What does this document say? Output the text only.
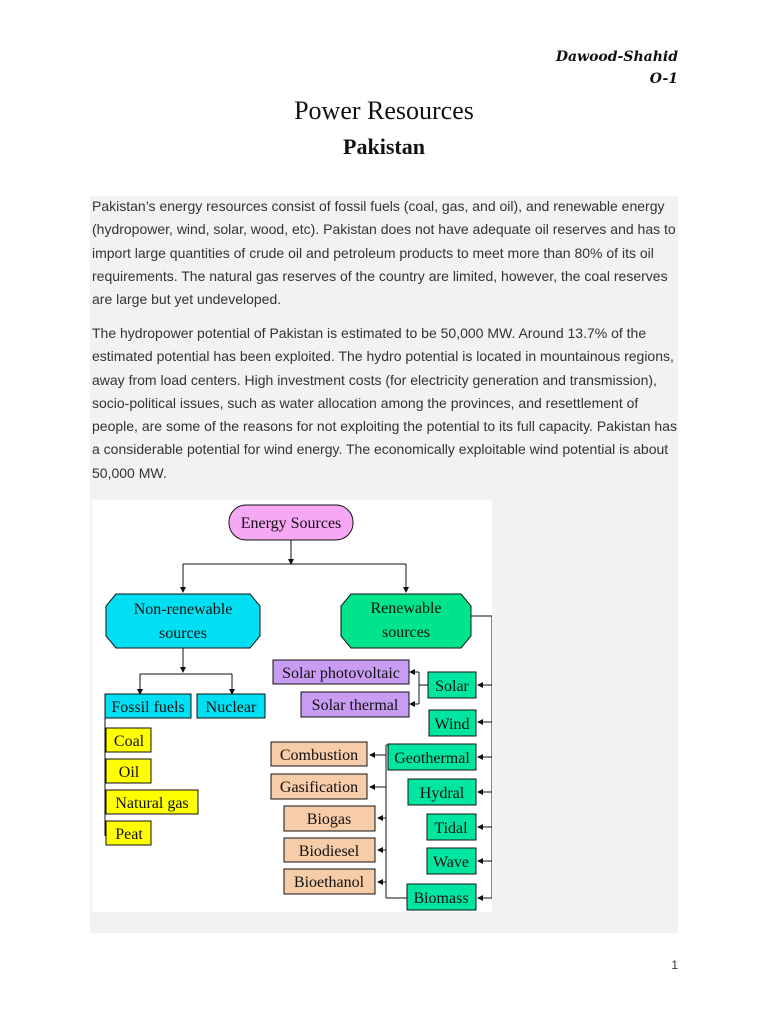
Dawood-Shahid
O-1
Power Resources
Pakistan

Pakistan’s energy resources consist of fossil fuels (coal, gas, and oil), and renewable energy (hydropower, wind, solar, wood, etc). Pakistan does not have adequate oil reserves and has to import large quantities of crude oil and petroleum products to meet more than 80% of its oil requirements. The natural gas reserves of the country are limited, however, the coal reserves are large but yet undeveloped.

The hydropower potential of Pakistan is estimated to be 50,000 MW. Around 13.7% of the estimated potential has been exploited. The hydro potential is located in mountainous regions, away from load centers. High investment costs (for electricity generation and transmission), socio-political issues, such as water allocation among the provinces, and resettlement of people, are some of the reasons for not exploiting the potential to its full capacity. Pakistan has a considerable potential for wind energy. The economically exploitable wind potential is about 50,000 MW.

Energy Sources
Non-renewable
sources
Renewable
sources
Fossil fuels Nuclear
Coal
Oil
Natural gas
Peat
Solar photovoltaic
Solar thermal
Solar
Wind
Geothermal
Hydral
Tidal
Wave
Biomass
Combustion
Gasification
Biogas
Biodiesel
Bioethanol
1
